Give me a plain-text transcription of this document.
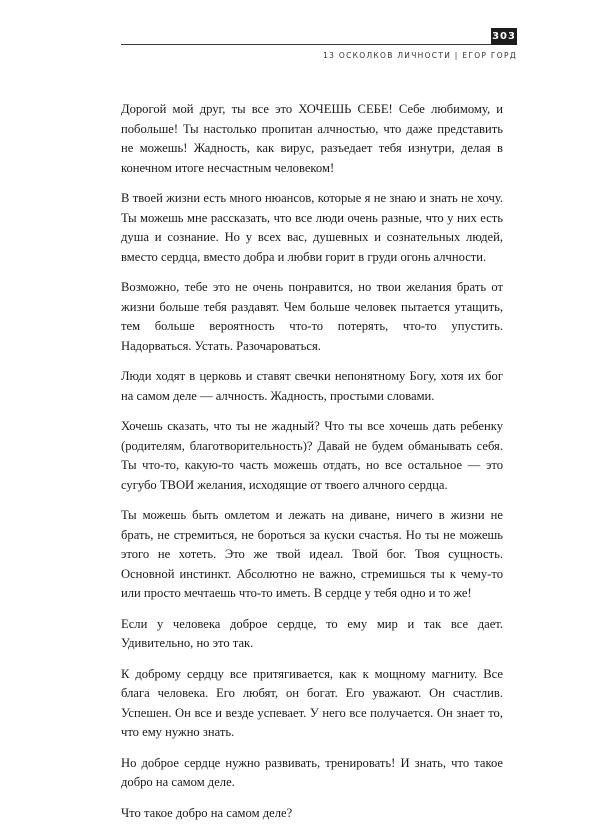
303
13 ОСКОЛКОВ ЛИЧНОСТИ | ЕГОР ГОРД

Дорогой мой друг, ты все это ХОЧЕШЬ СЕБЕ! Себе любимому, и побольше! Ты настолько пропитан алчностью, что даже представить не можешь! Жадность, как вирус, разъедает тебя изнутри, делая в конечном итоге несчастным человеком!

В твоей жизни есть много нюансов, которые я не знаю и знать не хочу. Ты можешь мне рассказать, что все люди очень разные, что у них есть душа и сознание. Но у всех вас, душевных и сознательных людей, вместо сердца, вместо добра и любви горит в груди огонь алчности.

Возможно, тебе это не очень понравится, но твои желания брать от жизни больше тебя раздавят. Чем больше человек пытается утащить, тем больше вероятность что-то потерять, что-то упустить. Надорваться. Устать. Разочароваться.

Люди ходят в церковь и ставят свечки непонятному Богу, хотя их бог на самом деле — алчность. Жадность, простыми словами.

Хочешь сказать, что ты не жадный? Что ты все хочешь дать ребенку (родителям, благотворительность)? Давай не будем обманывать себя. Ты что-то, какую-то часть можешь отдать, но все остальное — это сугубо ТВОИ желания, исходящие от твоего алчного сердца.

Ты можешь быть омлетом и лежать на диване, ничего в жизни не брать, не стремиться, не бороться за куски счастья. Но ты не можешь этого не хотеть. Это же твой идеал. Твой бог. Твоя сущность. Основной инстинкт. Абсолютно не важно, стремишься ты к чему-то или просто мечтаешь что-то иметь. В сердце у тебя одно и то же!

Если у человека доброе сердце, то ему мир и так все дает. Удивительно, но это так.

К доброму сердцу все притягивается, как к мощному магниту. Все блага человека. Его любят, он богат. Его уважают. Он счастлив. Успешен. Он все и везде успевает. У него все получается. Он знает то, что ему нужно знать.

Но доброе сердце нужно развивать, тренировать! И знать, что такое добро на самом деле.

Что такое добро на самом деле?
